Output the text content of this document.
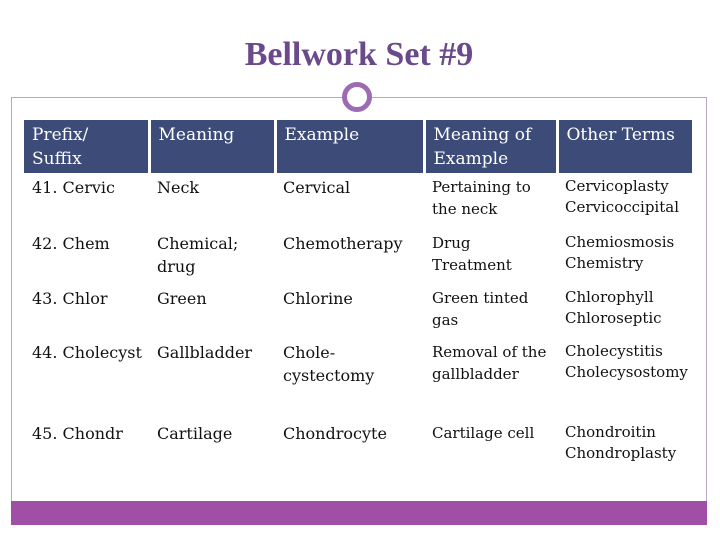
Bellwork Set #9
Prefix/ Suffix	Meaning	Example	Meaning of Example	Other Terms
41. Cervic	Neck	Cervical	Pertaining to the neck	Cervicoplasty Cervicoccipital
42. Chem	Chemical; drug	Chemotherapy	Drug Treatment	Chemiosmosis Chemistry
43. Chlor	Green	Chlorine	Green tinted gas	Chlorophyll Chloroseptic
44. Cholecyst	Gallbladder	Chole-cystectomy	Removal of the gallbladder	Cholecystitis Cholecysostomy
45. Chondr	Cartilage	Chondrocyte	Cartilage cell	Chondroitin Chondroplasty
